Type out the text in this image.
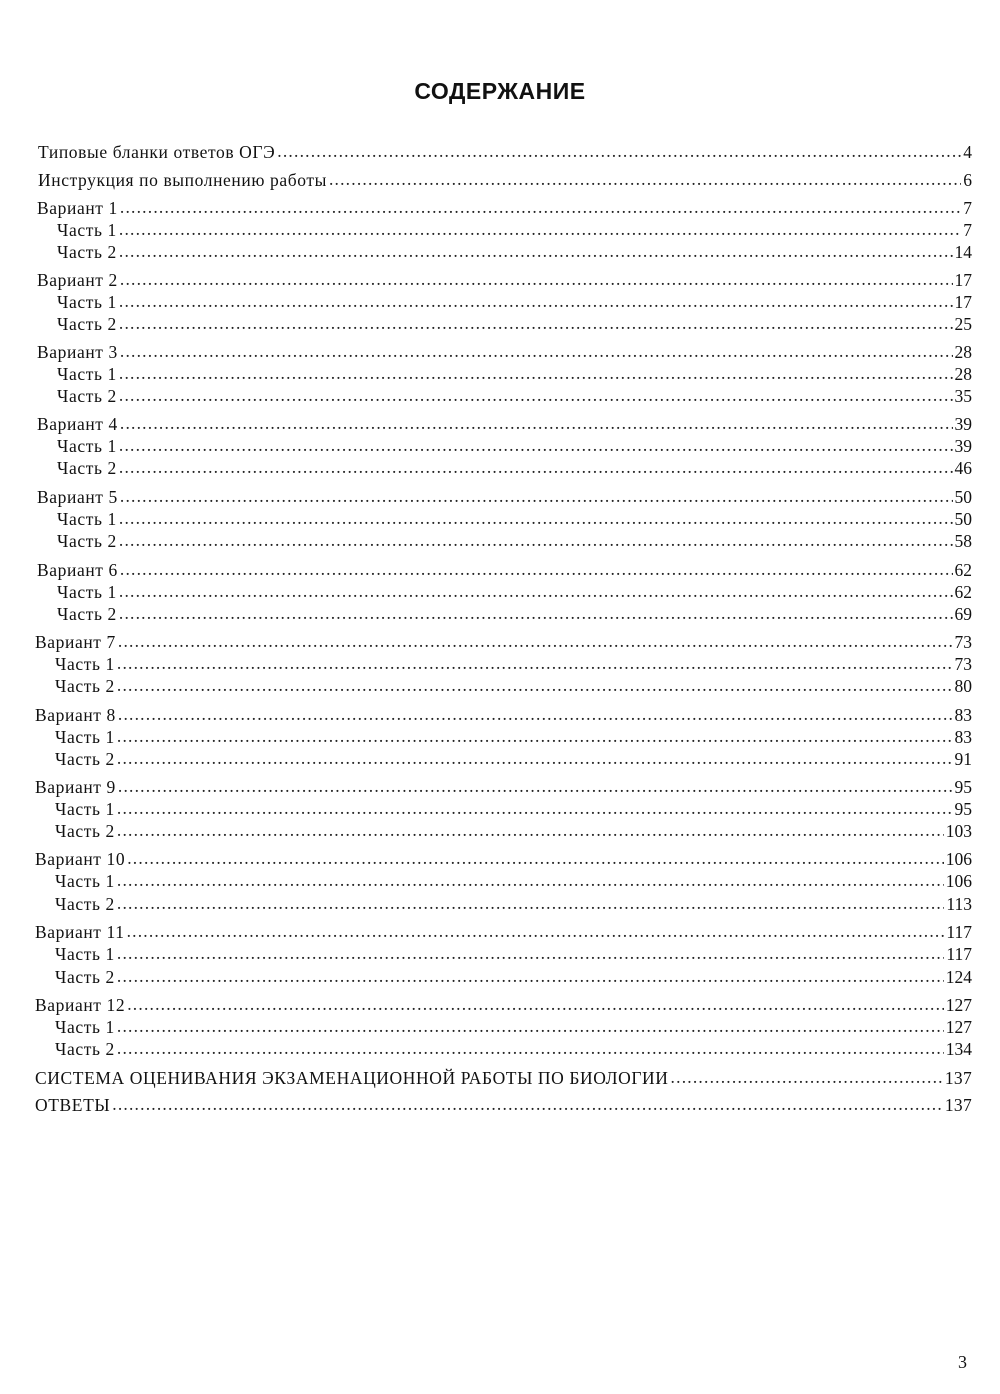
СОДЕРЖАНИЕ
Типовые бланки ответов ОГЭ .....	4
Инструкция по выполнению работы .....	6
Вариант 1 .....	7
Часть 1 .....	7
Часть 2 .....	14
Вариант 2 .....	17
Часть 1 .....	17
Часть 2 .....	25
Вариант 3 .....	28
Часть 1 .....	28
Часть 2 .....	35
Вариант 4 .....	39
Часть 1 .....	39
Часть 2 .....	46
Вариант 5 .....	50
Часть 1 .....	50
Часть 2 .....	58
Вариант 6 .....	62
Часть 1 .....	62
Часть 2 .....	69
Вариант 7 .....	73
Часть 1 .....	73
Часть 2 .....	80
Вариант 8 .....	83
Часть 1 .....	83
Часть 2 .....	91
Вариант 9 .....	95
Часть 1 .....	95
Часть 2 .....	103
Вариант 10 .....	106
Часть 1 .....	106
Часть 2 .....	113
Вариант 11 .....	117
Часть 1 .....	117
Часть 2 .....	124
Вариант 12 .....	127
Часть 1 .....	127
Часть 2 .....	134
СИСТЕМА ОЦЕНИВАНИЯ ЭКЗАМЕНАЦИОННОЙ РАБОТЫ ПО БИОЛОГИИ .....	137
ОТВЕТЫ .....	137
3
